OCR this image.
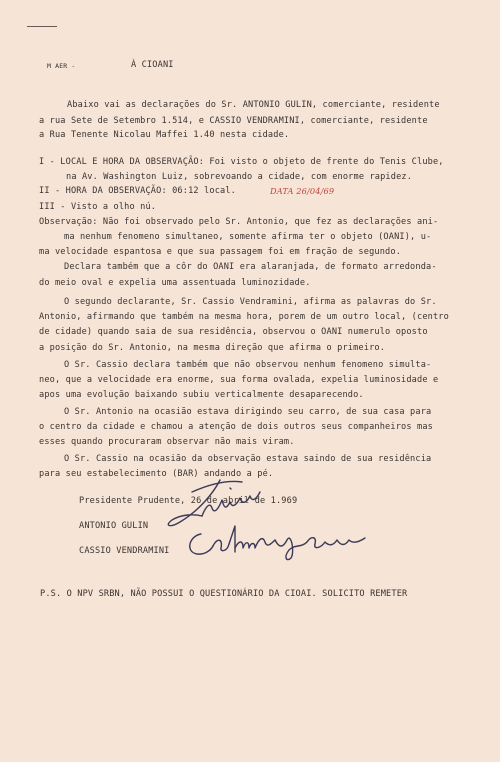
M AER -	À CIOANI
Abaixo vai as declarações do Sr. ANTONIO GULIN, comerciante, residente
a rua Sete de Setembro 1.514, e CASSIO VENDRAMINI, comerciante, residente
a Rua Tenente Nicolau Maffei 1.40 nesta cidade.
I - LOCAL E HORA DA OBSERVAÇÃO: Foi visto o objeto de frente do Tenis Clube,
na Av. Washington Luiz, sobrevoando a cidade, com enorme rapidez.
II - HORA DA OBSERVAÇÃO: 06:12 local.	DATA 26/04/69
III - Visto a olho nú.
Observação: Não foi observado pelo Sr. Antonio, que fez as declarações ani-
ma nenhum fenomeno simultaneo, somente afirma ter o objeto (OANI), u-
ma velocidade espantosa e que sua passagem foi em fração de segundo.
Declara também que a côr do OANI era alaranjada, de formato arredonda-
do meio oval e expelia uma assentuada luminozidade.
O segundo declarante, Sr. Cassio Vendramini, afirma as palavras do Sr.
Antonio, afirmando que também na mesma hora, porem de um outro local, (centro
de cidade) quando saia de sua residência, observou o OANI numerulo oposto
a posição do Sr. Antonio, na mesma direção que afirma o primeiro.
O Sr. Cassio declara também que não observou nenhum fenomeno simulta-
neo, que a velocidade era enorme, sua forma ovalada, expelia luminosidade e
apos uma evolução baixando subiu verticalmente desaparecendo.
O Sr. Antonio na ocasião estava dirigindo seu carro, de sua casa para
o centro da cidade e chamou a atenção de dois outros seus companheiros mas
esses quando procuraram observar não mais viram.
O Sr. Cassio na ocasião da observação estava saindo de sua residência
para seu estabelecimento (BAR) andando a pé.
Presidente Prudente, 26 de abril de 1.969
ANTONIO GULIN
CASSIO VENDRAMINI
P.S. O NPV SRBN, NÃO POSSUI O QUESTIONÁRIO DA CIOAI. SOLICITO REMETER
